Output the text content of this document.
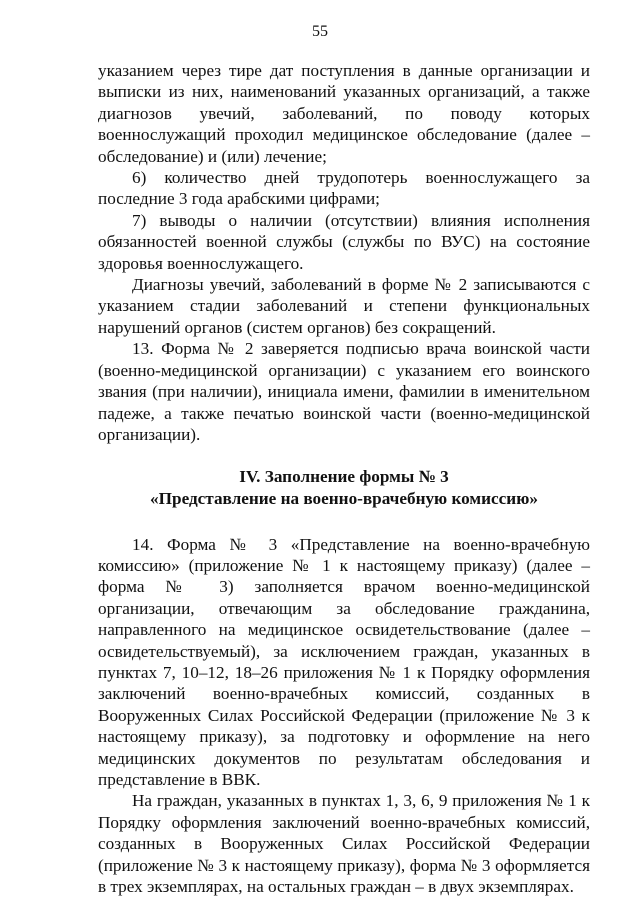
55

указанием через тире дат поступления в данные организации и выписки из них, наименований указанных организаций, а также диагнозов увечий, заболеваний, по поводу которых военнослужащий проходил медицинское обследование (далее – обследование) и (или) лечение;

6) количество дней трудопотерь военнослужащего за последние 3 года арабскими цифрами;

7) выводы о наличии (отсутствии) влияния исполнения обязанностей военной службы (службы по ВУС) на состояние здоровья военнослужащего.

Диагнозы увечий, заболеваний в форме № 2 записываются с указанием стадии заболеваний и степени функциональных нарушений органов (систем органов) без сокращений.

13. Форма № 2 заверяется подписью врача воинской части (военно-медицинской организации) с указанием его воинского звания (при наличии), инициала имени, фамилии в именительном падеже, а также печатью воинской части (военно-медицинской организации).

IV. Заполнение формы № 3
«Представление на военно-врачебную комиссию»

14. Форма № 3 «Представление на военно-врачебную комиссию» (приложение № 1 к настоящему приказу) (далее – форма № 3) заполняется врачом военно-медицинской организации, отвечающим за обследование гражданина, направленного на медицинское освидетельствование (далее – освидетельствуемый), за исключением граждан, указанных в пунктах 7, 10–12, 18–26 приложения № 1 к Порядку оформления заключений военно-врачебных комиссий, созданных в Вооруженных Силах Российской Федерации (приложение № 3 к настоящему приказу), за подготовку и оформление на него медицинских документов по результатам обследования и представление в ВВК.

На граждан, указанных в пунктах 1, 3, 6, 9 приложения № 1 к Порядку оформления заключений военно-врачебных комиссий, созданных в Вооруженных Силах Российской Федерации (приложение № 3 к настоящему приказу), форма № 3 оформляется в трех экземплярах, на остальных граждан – в двух экземплярах.
